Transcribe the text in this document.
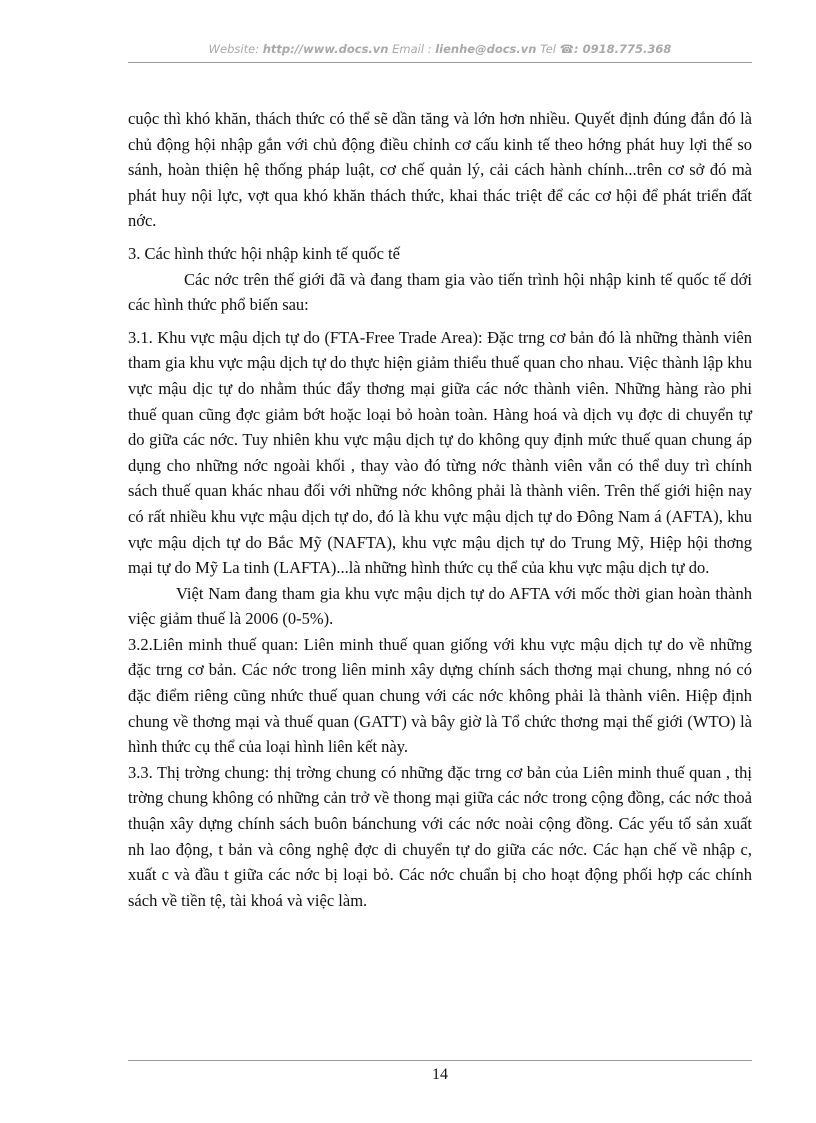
Website: http://www.docs.vn Email : lienhe@docs.vn Tel ☎: 0918.775.368

cuộc thì khó khăn, thách thức có thể sẽ dần tăng và lớn hơn nhiều. Quyết định đúng đắn đó là chủ động hội nhập gắn với chủ động điều chỉnh cơ cấu kinh tế theo hớng phát huy lợi thế so sánh, hoàn thiện hệ thống pháp luật, cơ chế quản lý, cải cách hành chính...trên cơ sở đó mà phát huy nội lực, vợt qua khó khăn thách thức, khai thác triệt để các cơ hội để phát triển đất nớc.

3. Các hình thức hội nhập kinh tế quốc tế

Các nớc trên thế giới đã và đang tham gia vào tiến trình hội nhập kinh tế quốc tế dới các hình thức phổ biến sau:

3.1. Khu vực mậu dịch tự do (FTA-Free Trade Area): Đặc trng cơ bản đó là những thành viên tham gia khu vực mậu dịch tự do thực hiện giảm thiểu thuế quan cho nhau. Việc thành lập khu vực mậu dịc tự do nhằm thúc đẩy thơng mại giữa các nớc thành viên. Những hàng rào phi thuế quan cũng đợc giảm bớt hoặc loại bỏ hoàn toàn. Hàng hoá và dịch vụ đợc di chuyển tự do giữa các nớc. Tuy nhiên khu vực mậu dịch tự do không quy định mức thuế quan chung áp dụng cho những nớc ngoài khối , thay vào đó từng nớc thành viên vẫn có thể duy trì chính sách thuế quan khác nhau đối với những nớc không phải là thành viên. Trên thế giới hiện nay có rất nhiều khu vực mậu dịch tự do, đó là khu vực mậu dịch tự do Đông Nam á (AFTA), khu vực mậu dịch tự do Bắc Mỹ (NAFTA), khu vực mậu dịch tự do Trung Mỹ, Hiệp hội thơng mại tự do Mỹ La tinh (LAFTA)...là những hình thức cụ thể của khu vực mậu dịch tự do.

Việt Nam đang tham gia khu vực mậu dịch tự do AFTA với mốc thời gian hoàn thành việc giảm thuế là 2006 (0-5%).

3.2.Liên minh thuế quan: Liên minh thuế quan giống với khu vực mậu dịch tự do về những đặc trng cơ bản. Các nớc trong liên minh xây dựng chính sách thơng mại chung, nhng nó có đặc điểm riêng cũng nhức thuế quan chung với các nớc không phải là thành viên. Hiệp định chung về thơng mại và thuế quan (GATT) và bây giờ là Tổ chức thơng mại thế giới (WTO) là hình thức cụ thể của loại hình liên kết này.

3.3. Thị trờng chung: thị trờng chung có những đặc trng cơ bản của Liên minh thuế quan , thị trờng chung không có những cản trở về thong mại giữa các nớc trong cộng đồng, các nớc thoả thuận xây dựng chính sách buôn bánchung với các nớc noài cộng đồng. Các yếu tố sản xuất nh lao động, t bản và công nghệ đợc di chuyển tự do giữa các nớc. Các hạn chế về nhập c, xuất c và đầu t giữa các nớc bị loại bỏ. Các nớc chuẩn bị cho hoạt động phối hợp các chính sách về tiền tệ, tài khoá và việc làm.

14
